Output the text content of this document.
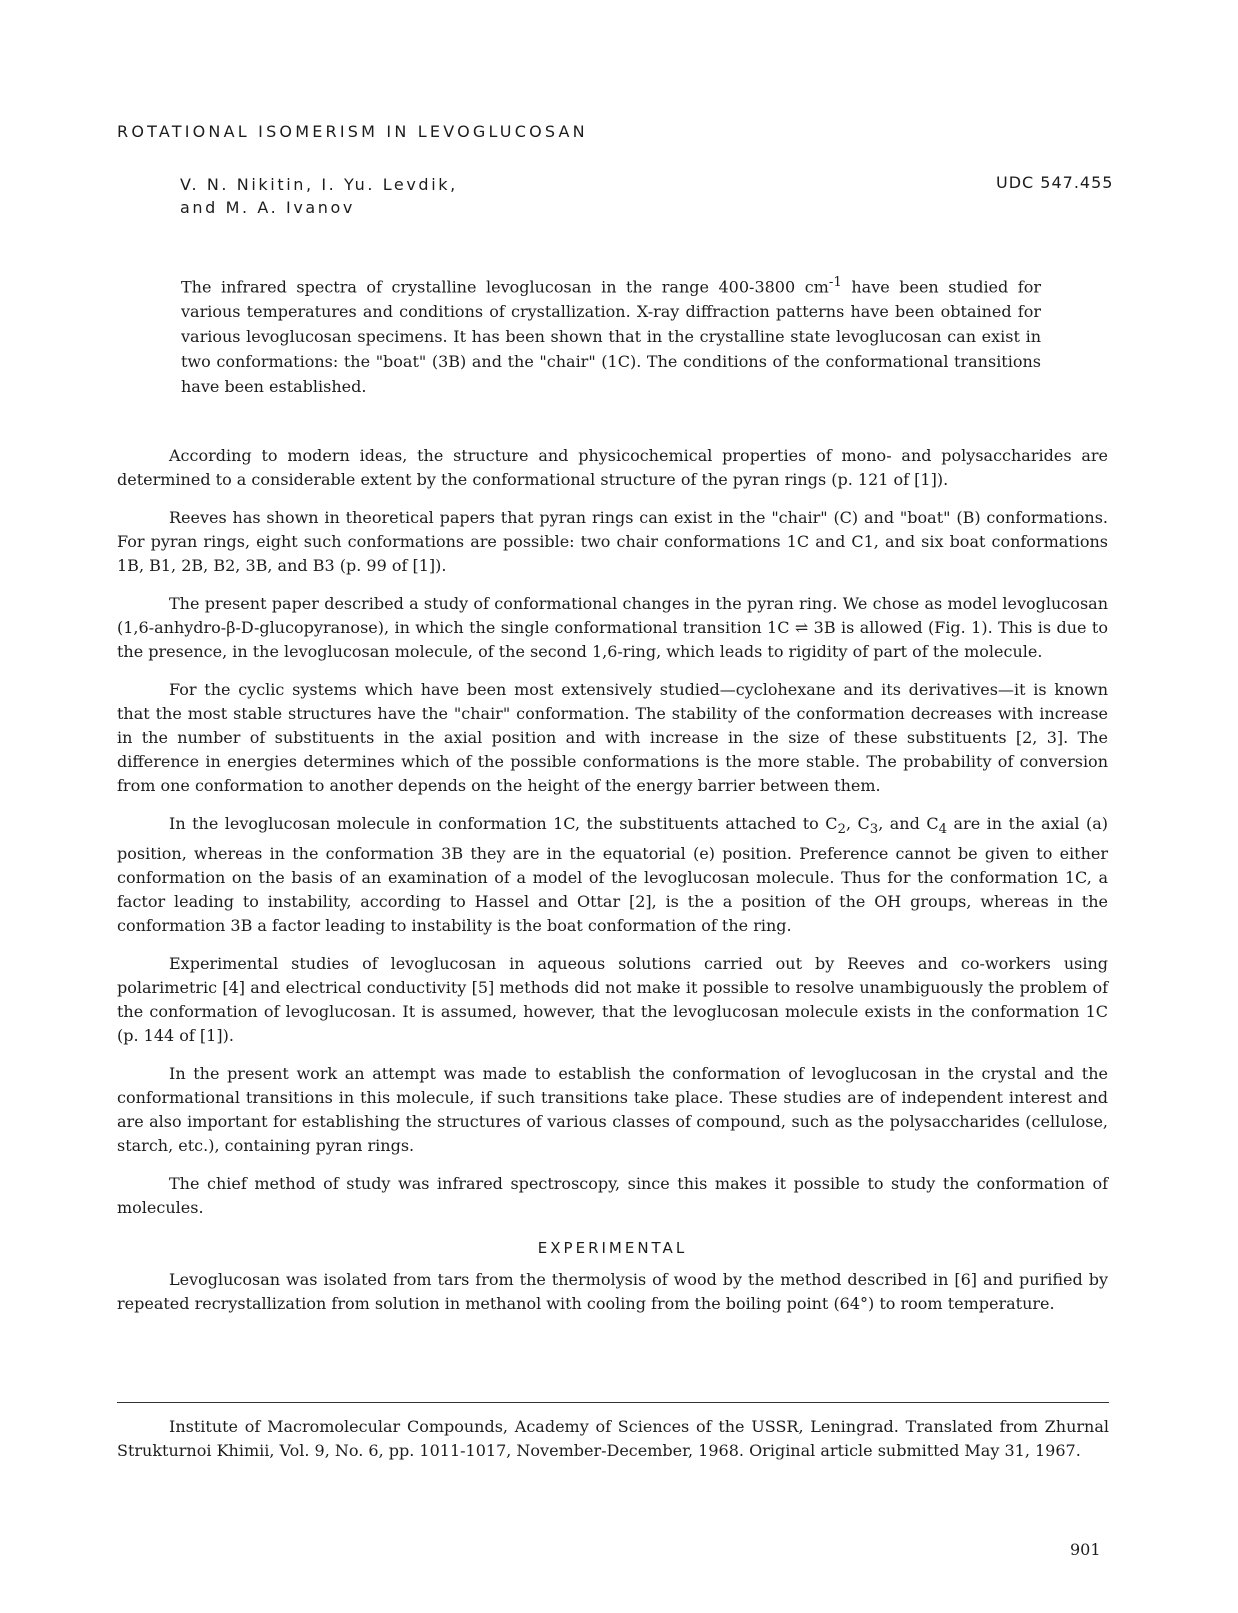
ROTATIONAL ISOMERISM IN LEVOGLUCOSAN
V. N. Nikitin, I. Yu. Levdik,
and M. A. Ivanov
UDC 547.455

The infrared spectra of crystalline levoglucosan in the range 400-3800 $cm^{-1}$ have been studied for various temperatures and conditions of crystallization. X-ray diffraction patterns have been obtained for various levoglucosan specimens. It has been shown that in the crystalline state levoglucosan can exist in two conformations: the "boat" (3B) and the "chair" (1C). The conditions of the conformational transitions have been established.

According to modern ideas, the structure and physicochemical properties of mono- and polysaccharides are determined to a considerable extent by the conformational structure of the pyran rings (p. 121 of [1]).

Reeves has shown in theoretical papers that pyran rings can exist in the "chair" (C) and "boat" (B) conformations. For pyran rings, eight such conformations are possible: two chair conformations 1C and C1, and six boat conformations 1B, B1, 2B, B2, 3B, and B3 (p. 99 of [1]).

The present paper described a study of conformational changes in the pyran ring. We chose as model levoglucosan (1,6-anhydro-β-D-glucopyranose), in which the single conformational transition 1C ⇌ 3B is allowed (Fig. 1). This is due to the presence, in the levoglucosan molecule, of the second 1,6-ring, which leads to rigidity of part of the molecule.

For the cyclic systems which have been most extensively studied—cyclohexane and its derivatives—it is known that the most stable structures have the "chair" conformation. The stability of the conformation decreases with increase in the number of substituents in the axial position and with increase in the size of these substituents [2, 3]. The difference in energies determines which of the possible conformations is the more stable. The probability of conversion from one conformation to another depends on the height of the energy barrier between them.

In the levoglucosan molecule in conformation 1C, the substituents attached to $C_2$, $C_3$, and $C_4$ are in the axial (a) position, whereas in the conformation 3B they are in the equatorial (e) position. Preference cannot be given to either conformation on the basis of an examination of a model of the levoglucosan molecule. Thus for the conformation 1C, a factor leading to instability, according to Hassel and Ottar [2], is the a position of the OH groups, whereas in the conformation 3B a factor leading to instability is the boat conformation of the ring.

Experimental studies of levoglucosan in aqueous solutions carried out by Reeves and co-workers using polarimetric [4] and electrical conductivity [5] methods did not make it possible to resolve unambiguously the problem of the conformation of levoglucosan. It is assumed, however, that the levoglucosan molecule exists in the conformation 1C (p. 144 of [1]).

In the present work an attempt was made to establish the conformation of levoglucosan in the crystal and the conformational transitions in this molecule, if such transitions take place. These studies are of independent interest and are also important for establishing the structures of various classes of compound, such as the polysaccharides (cellulose, starch, etc.), containing pyran rings.

The chief method of study was infrared spectroscopy, since this makes it possible to study the conformation of molecules.

EXPERIMENTAL

Levoglucosan was isolated from tars from the thermolysis of wood by the method described in [6] and purified by repeated recrystallization from solution in methanol with cooling from the boiling point (64°) to room temperature.

Institute of Macromolecular Compounds, Academy of Sciences of the USSR, Leningrad. Translated from Zhurnal Strukturnoi Khimii, Vol. 9, No. 6, pp. 1011-1017, November-December, 1968. Original article submitted May 31, 1967.

901
